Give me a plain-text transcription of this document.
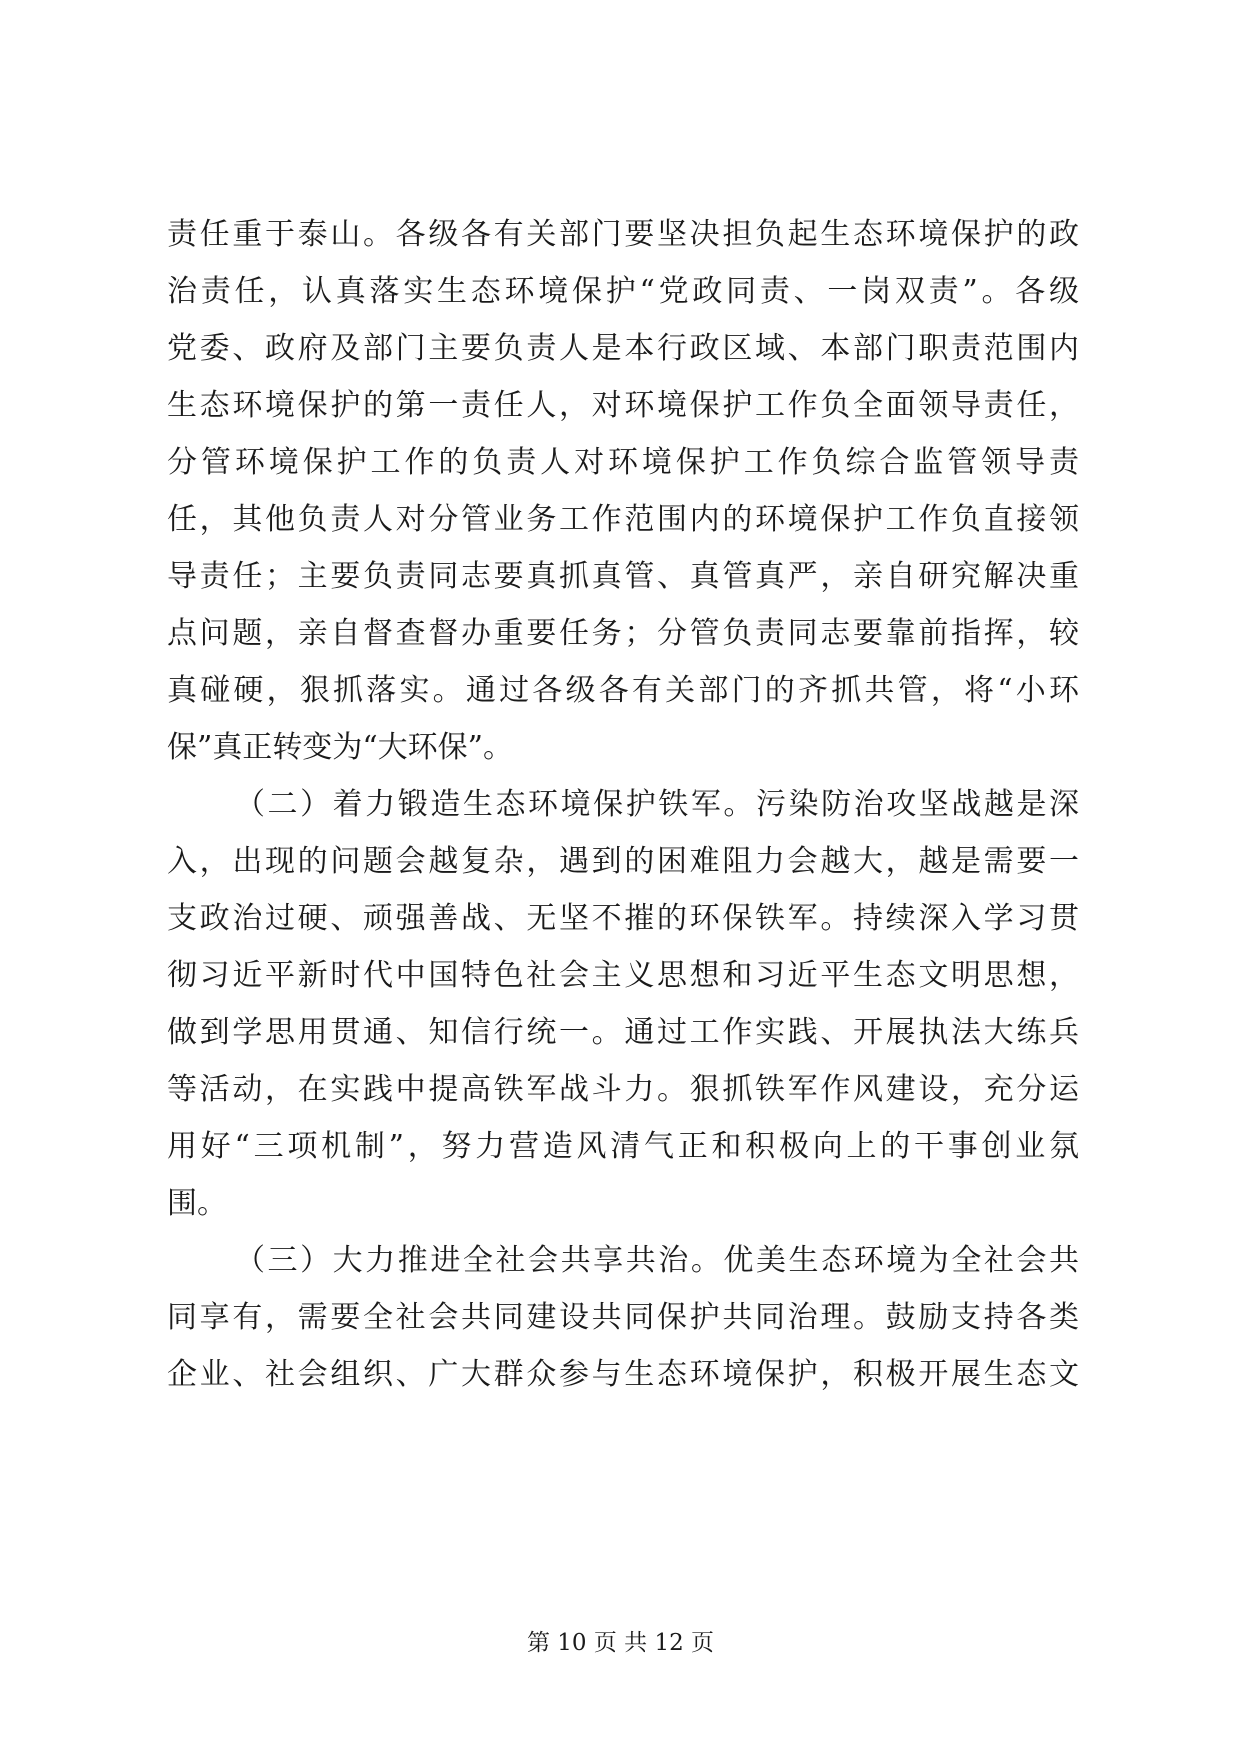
责任重于泰山。各级各有关部门要坚决担负起生态环境保护的政
治责任，认真落实生态环境保护“党政同责、一岗双责”。各级
党委、政府及部门主要负责人是本行政区域、本部门职责范围内
生态环境保护的第一责任人，对环境保护工作负全面领导责任，
分管环境保护工作的负责人对环境保护工作负综合监管领导责
任，其他负责人对分管业务工作范围内的环境保护工作负直接领
导责任；主要负责同志要真抓真管、真管真严，亲自研究解决重
点问题，亲自督查督办重要任务；分管负责同志要靠前指挥，较
真碰硬，狠抓落实。通过各级各有关部门的齐抓共管，将“小环
保”真正转变为“大环保”。
（二）着力锻造生态环境保护铁军。污染防治攻坚战越是深
入，出现的问题会越复杂，遇到的困难阻力会越大，越是需要一
支政治过硬、顽强善战、无坚不摧的环保铁军。持续深入学习贯
彻习近平新时代中国特色社会主义思想和习近平生态文明思想，
做到学思用贯通、知信行统一。通过工作实践、开展执法大练兵
等活动，在实践中提高铁军战斗力。狠抓铁军作风建设，充分运
用好“三项机制”，努力营造风清气正和积极向上的干事创业氛
围。
（三）大力推进全社会共享共治。优美生态环境为全社会共
同享有，需要全社会共同建设共同保护共同治理。鼓励支持各类
企业、社会组织、广大群众参与生态环境保护，积极开展生态文
第 10 页 共 12 页
